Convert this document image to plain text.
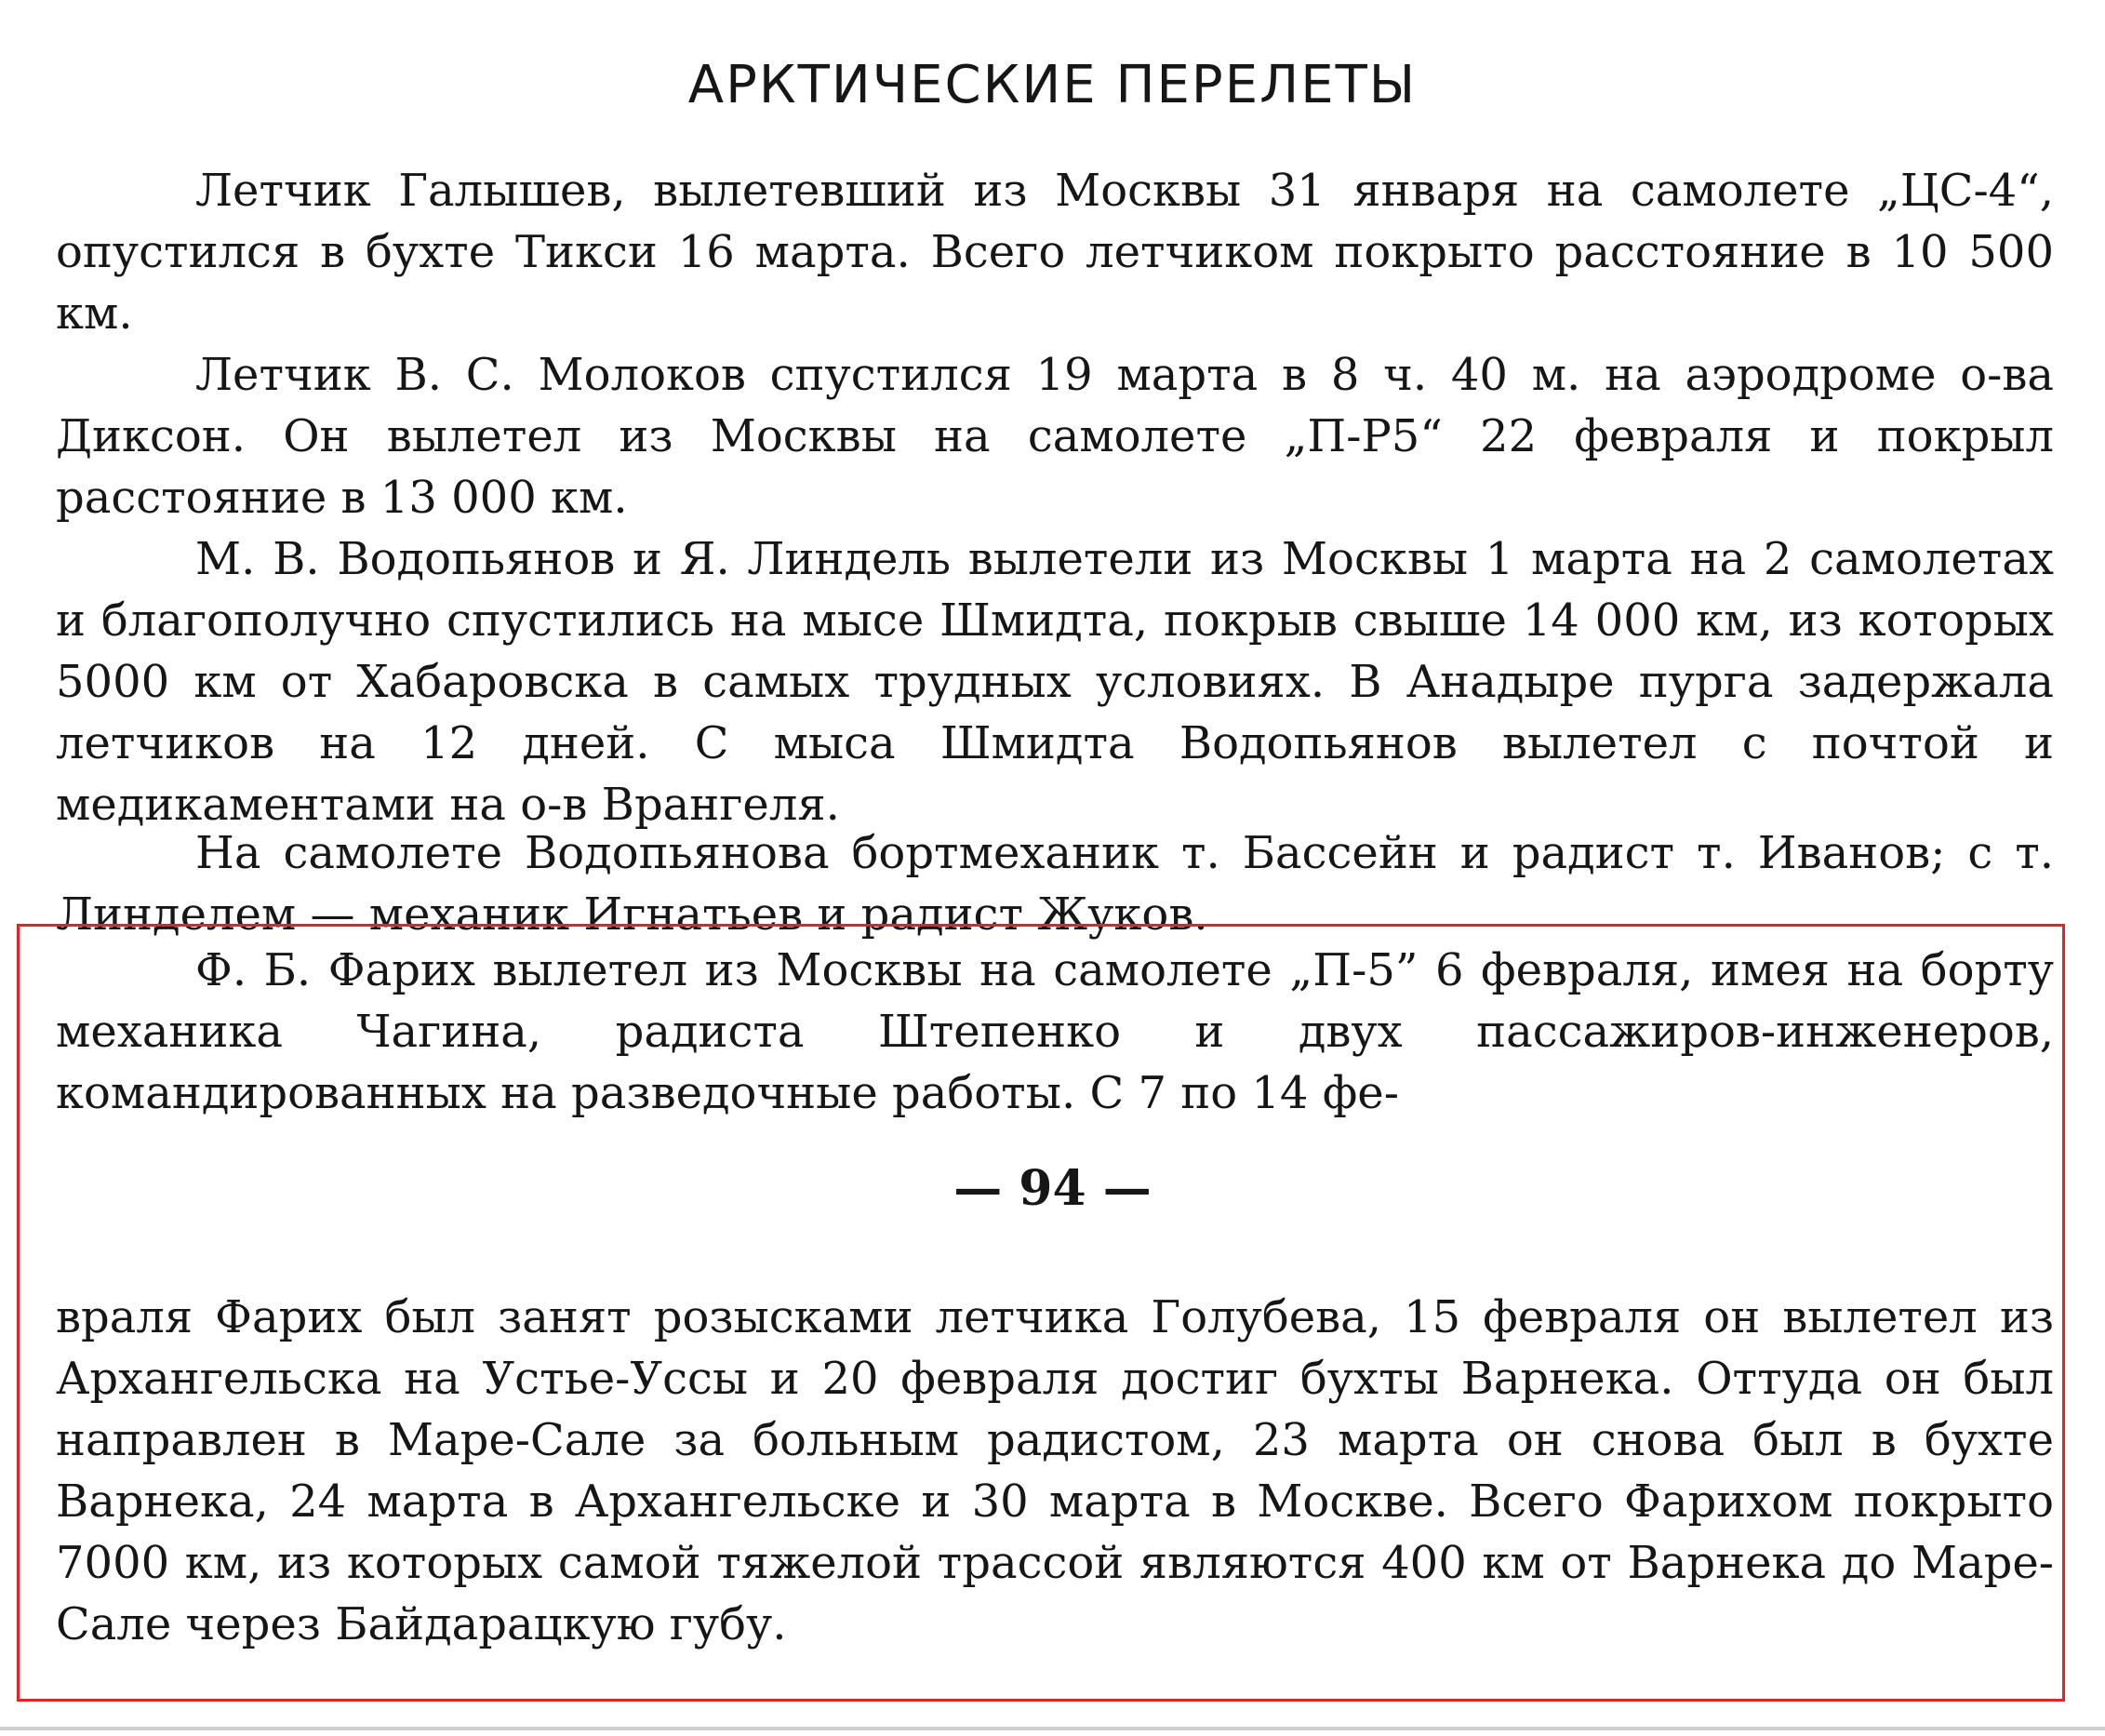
АРКТИЧЕСКИЕ ПЕРЕЛЕТЫ

Летчик Галышев, вылетевший из Москвы 31 января на самолете „ЦС-4“, опустился в бухте Тикси 16 марта. Всего летчиком покрыто расстояние в 10 500 км.

Летчик В. С. Молоков спустился 19 марта в 8 ч. 40 м. на аэродроме о-ва Диксон. Он вылетел из Москвы на самолете „П-Р5“ 22 февраля и покрыл расстояние в 13 000 км.

М. В. Водопьянов и Я. Линдель вылетели из Москвы 1 марта на 2 самолетах и благополучно спустились на мысе Шмидта, покрыв свыше 14 000 км, из которых 5000 км от Хабаровска в самых трудных условиях. В Анадыре пурга задержала летчиков на 12 дней. С мыса Шмидта Водопьянов вылетел с почтой и медикаментами на о-в Врангеля.

На самолете Водопьянова бортмеханик т. Бассейн и радист т. Иванов; с т. Линделем — механик Игнатьев и радист Жуков.

Ф. Б. Фарих вылетел из Москвы на самолете „П-5” 6 февраля, имея на борту механика Чагина, радиста Штепенко и двух пассажиров-инженеров, командированных на разведочные работы. С 7 по 14 фе-

— 94 —

враля Фарих был занят розысками летчика Голубева, 15 февраля он вылетел из Архангельска на Устье-Уссы и 20 февраля достиг бухты Варнека. Оттуда он был направлен в Маре-Сале за больным радистом, 23 марта он снова был в бухте Варнека, 24 марта в Архангельске и 30 марта в Москве. Всего Фарихом покрыто 7000 км, из которых самой тяжелой трассой являются 400 км от Варнека до Маре-Сале через Байдарацкую губу.
